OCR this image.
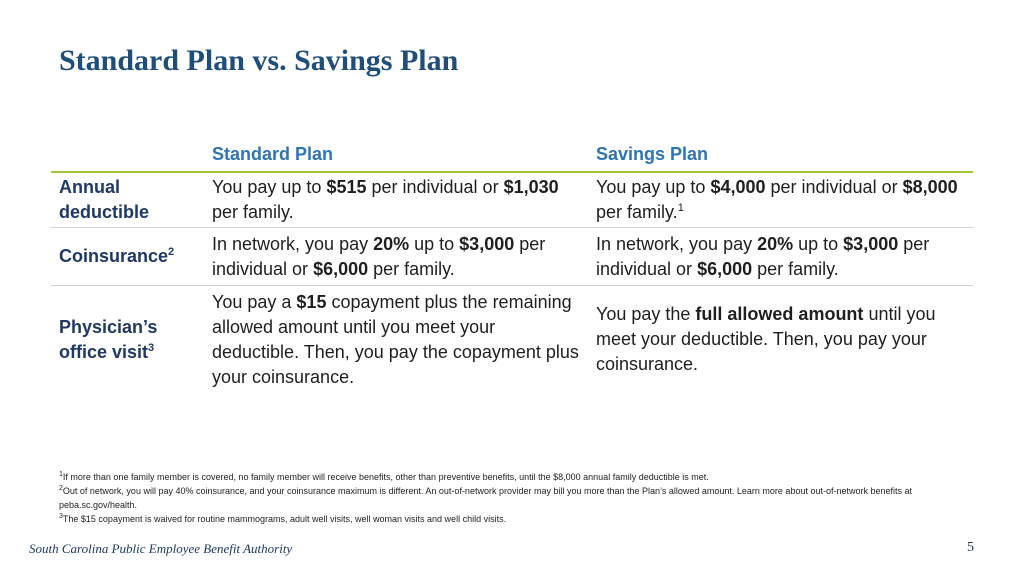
Standard Plan vs. Savings Plan
	Standard Plan	Savings Plan
Annual deductible	You pay up to $515 per individual or $1,030 per family.	You pay up to $4,000 per individual or $8,000 per family.$^1$

Coinsurance$^2$	In network, you pay 20% up to $3,000 per individual or $6,000 per family.	In network, you pay 20% up to $3,000 per individual or $6,000 per family.

Physician’s office visit$^3$	You pay a $15 copayment plus the remaining allowed amount until you meet your deductible. Then, you pay the copayment plus your coinsurance.	You pay the full allowed amount until you meet your deductible. Then, you pay your coinsurance.

$^1$If more than one family member is covered, no family member will receive benefits, other than preventive benefits, until the $8,000 annual family deductible is met.

$^2$Out of network, you will pay 40% coinsurance, and your coinsurance maximum is different. An out-of-network provider may bill you more than the Plan’s allowed amount. Learn more about out-of-network benefits at peba.sc.gov/health.

$^3$The $15 copayment is waived for routine mammograms, adult well visits, well woman visits and well child visits.

South Carolina Public Employee Benefit Authority	5
